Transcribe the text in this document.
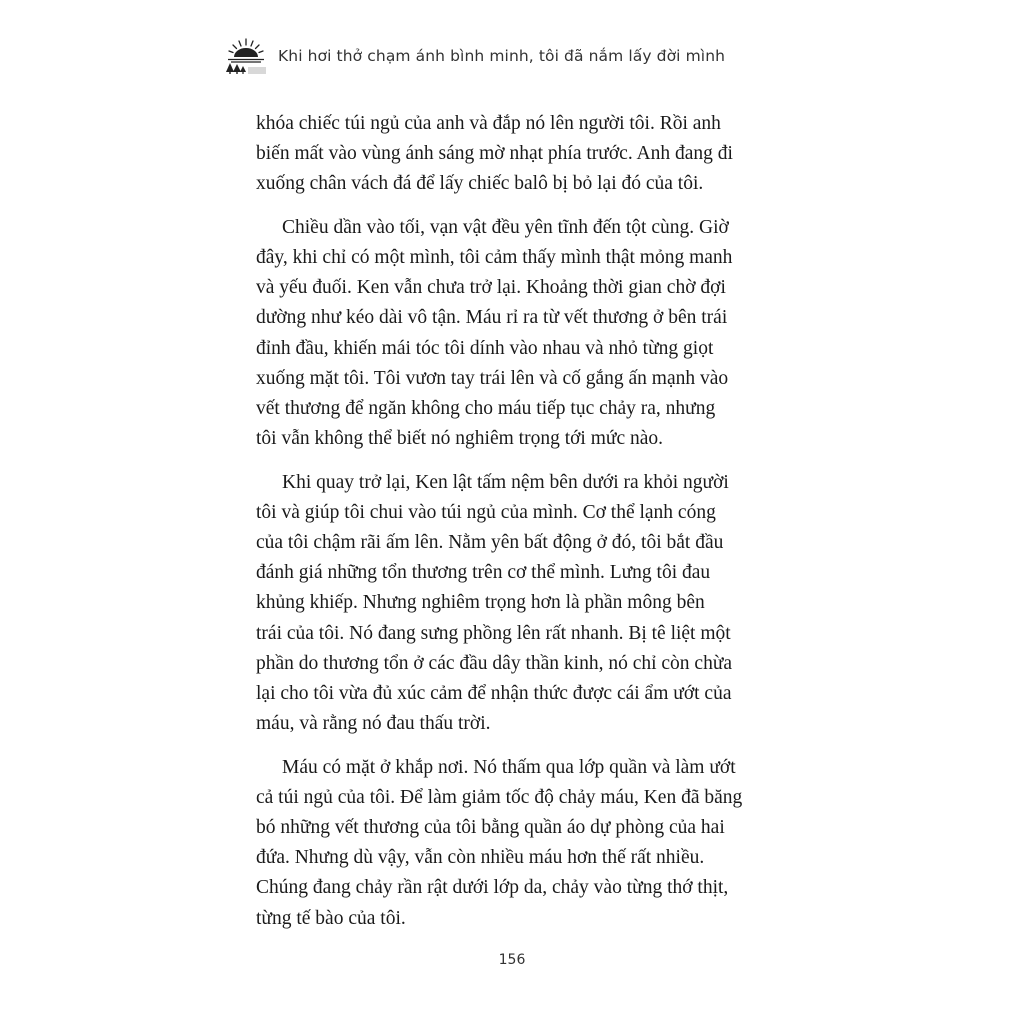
Khi hơi thở chạm ánh bình minh, tôi đã nắm lấy đời mình
khóa chiếc túi ngủ của anh và đắp nó lên người tôi. Rồi anh
biến mất vào vùng ánh sáng mờ nhạt phía trước. Anh đang đi
xuống chân vách đá để lấy chiếc balô bị bỏ lại đó của tôi.
Chiều dần vào tối, vạn vật đều yên tĩnh đến tột cùng. Giờ
đây, khi chỉ có một mình, tôi cảm thấy mình thật mỏng manh
và yếu đuối. Ken vẫn chưa trở lại. Khoảng thời gian chờ đợi
dường như kéo dài vô tận. Máu rỉ ra từ vết thương ở bên trái
đỉnh đầu, khiến mái tóc tôi dính vào nhau và nhỏ từng giọt
xuống mặt tôi. Tôi vươn tay trái lên và cố gắng ấn mạnh vào
vết thương để ngăn không cho máu tiếp tục chảy ra, nhưng
tôi vẫn không thể biết nó nghiêm trọng tới mức nào.
Khi quay trở lại, Ken lật tấm nệm bên dưới ra khỏi người
tôi và giúp tôi chui vào túi ngủ của mình. Cơ thể lạnh cóng
của tôi chậm rãi ấm lên. Nằm yên bất động ở đó, tôi bắt đầu
đánh giá những tổn thương trên cơ thể mình. Lưng tôi đau
khủng khiếp. Nhưng nghiêm trọng hơn là phần mông bên
trái của tôi. Nó đang sưng phồng lên rất nhanh. Bị tê liệt một
phần do thương tổn ở các đầu dây thần kinh, nó chỉ còn chừa
lại cho tôi vừa đủ xúc cảm để nhận thức được cái ẩm ướt của
máu, và rằng nó đau thấu trời.
Máu có mặt ở khắp nơi. Nó thấm qua lớp quần và làm ướt
cả túi ngủ của tôi. Để làm giảm tốc độ chảy máu, Ken đã băng
bó những vết thương của tôi bằng quần áo dự phòng của hai
đứa. Nhưng dù vậy, vẫn còn nhiều máu hơn thế rất nhiều.
Chúng đang chảy rần rật dưới lớp da, chảy vào từng thớ thịt,
từng tế bào của tôi.
156
